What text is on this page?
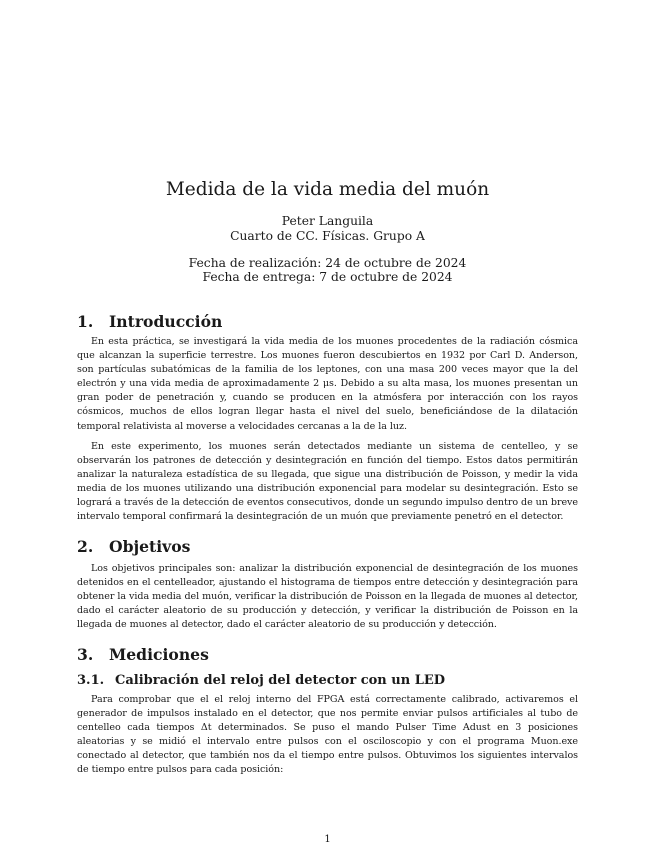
Medida de la vida media del muón
Peter Languila
Cuarto de CC. Físicas. Grupo A
Fecha de realización: 24 de octubre de 2024
Fecha de entrega: 7 de octubre de 2024
1. Introducción

En esta práctica, se investigará la vida media de los muones procedentes de la radiación cósmica que alcanzan la superficie terrestre. Los muones fueron descubiertos en 1932 por Carl D. Anderson, son partículas subatómicas de la familia de los leptones, con una masa 200 veces mayor que la del electrón y una vida media de aproximadamente 2 μs. Debido a su alta masa, los muones presentan un gran poder de penetración y, cuando se producen en la atmósfera por interacción con los rayos cósmicos, muchos de ellos logran llegar hasta el nivel del suelo, beneficiándose de la dilatación temporal relativista al moverse a velocidades cercanas a la de la luz.

En este experimento, los muones serán detectados mediante un sistema de centelleo, y se observarán los patrones de detección y desintegración en función del tiempo. Estos datos permitirán analizar la naturaleza estadística de su llegada, que sigue una distribución de Poisson, y medir la vida media de los muones utilizando una distribución exponencial para modelar su desintegración. Esto se logrará a través de la detección de eventos consecutivos, donde un segundo impulso dentro de un breve intervalo temporal confirmará la desintegración de un muón que previamente penetró en el detector.

2. Objetivos

Los objetivos principales son: analizar la distribución exponencial de desintegración de los muones detenidos en el centelleador, ajustando el histograma de tiempos entre detección y desintegración para obtener la vida media del muón, verificar la distribución de Poisson en la llegada de muones al detector, dado el carácter aleatorio de su producción y detección, y verificar la distribución de Poisson en la llegada de muones al detector, dado el carácter aleatorio de su producción y detección.

3. Mediciones
3.1. Calibración del reloj del detector con un LED

Para comprobar que el el reloj interno del FPGA está correctamente calibrado, activaremos el generador de impulsos instalado en el detector, que nos permite enviar pulsos artificiales al tubo de centelleo cada tiempos Δt determinados. Se puso el mando Pulser Time Adust en 3 posiciones aleatorias y se midió el intervalo entre pulsos con el osciloscopio y con el programa Muon.exe conectado al detector, que también nos da el tiempo entre pulsos. Obtuvimos los siguientes intervalos de tiempo entre pulsos para cada posición:

1
